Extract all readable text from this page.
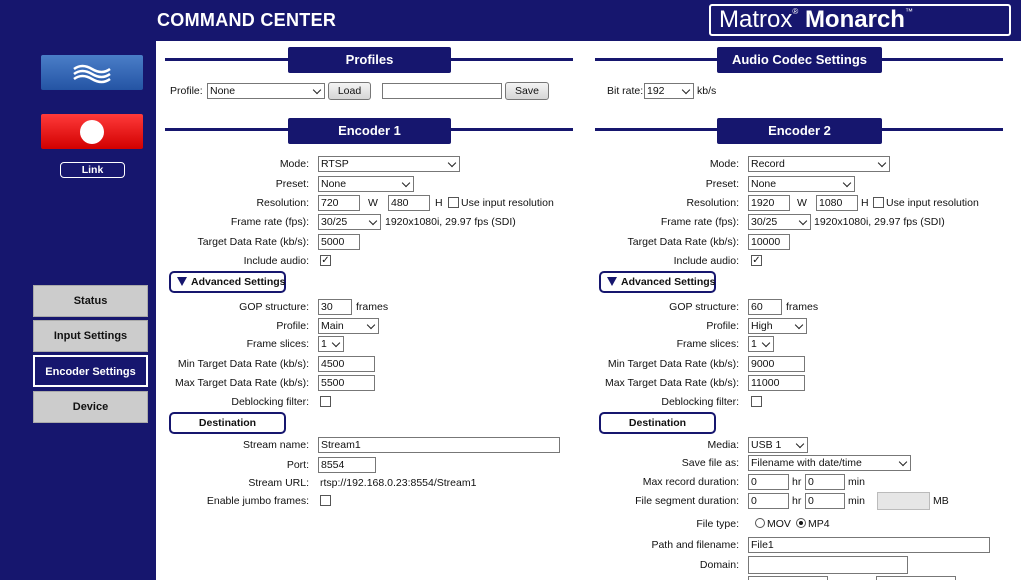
COMMAND CENTER	Matrox® Monarch™
Link
Status
Input Settings
Encoder Settings
Device
Profiles
Profile: None	Load	Save
Audio Codec Settings
Bit rate: 192	kb/s
Encoder 1
Mode: RTSP
Preset: None
Resolution: 720	W 480	H Use input resolution
Frame rate (fps): 30/25	1920x1080i, 29.97 fps (SDI)
Target Data Rate (kb/s): 5000
Include audio: ✓
Advanced Settings
GOP structure: 30	frames
Profile: Main
Frame slices: 1
Min Target Data Rate (kb/s): 4500
Max Target Data Rate (kb/s): 5500
Deblocking filter:
Destination
Stream name: Stream1
Port: 8554
Stream URL: rtsp://192.168.0.23:8554/Stream1
Enable jumbo frames:
Encoder 2
Mode: Record
Preset: None
Resolution: 1920	W 1080	H Use input resolution
Frame rate (fps): 30/25	1920x1080i, 29.97 fps (SDI)
Target Data Rate (kb/s): 10000
Include audio: ✓
Advanced Settings
GOP structure: 60	frames
Profile: High
Frame slices: 1
Min Target Data Rate (kb/s): 9000
Max Target Data Rate (kb/s): 11000
Deblocking filter:
Destination
Media: USB 1
Save file as: Filename with date/time
Max record duration: 0	hr 0	min
File segment duration: 0	hr 0	min	MB
File type:	MOV MP4
Path and filename: File1
Domain:
